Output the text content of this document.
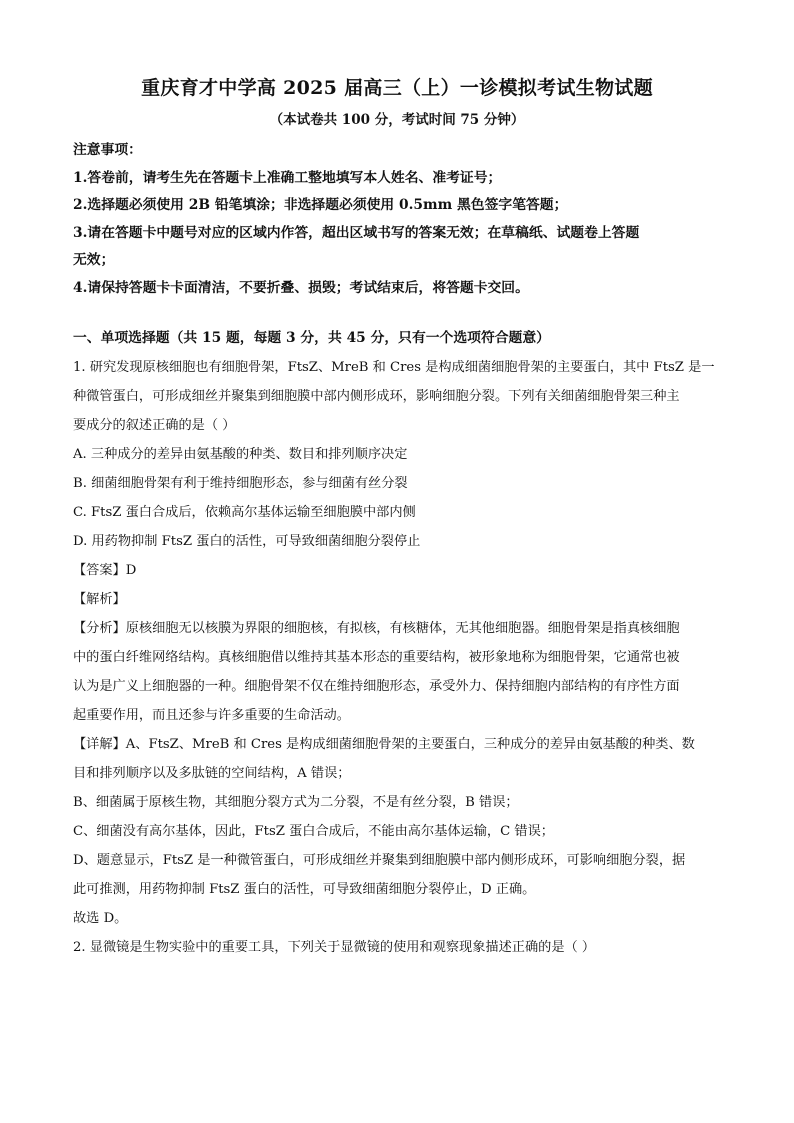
重庆育才中学高 2025 届高三（上）一诊模拟考试生物试题
（本试卷共 100 分，考试时间 75 分钟）
注意事项：
1.答卷前，请考生先在答题卡上准确工整地填写本人姓名、准考证号；
2.选择题必须使用 2B 铅笔填涂；非选择题必须使用 0.5mm 黑色签字笔答题；
3.请在答题卡中题号对应的区域内作答，超出区域书写的答案无效；在草稿纸、试题卷上答题
无效；
4.请保持答题卡卡面清洁，不要折叠、损毁；考试结束后，将答题卡交回。
一、单项选择题（共 15 题，每题 3 分，共 45 分，只有一个选项符合题意）
1. 研究发现原核细胞也有细胞骨架，FtsZ、MreB 和 Cres 是构成细菌细胞骨架的主要蛋白，其中 FtsZ 是一
种微管蛋白，可形成细丝并聚集到细胞膜中部内侧形成环，影响细胞分裂。下列有关细菌细胞骨架三种主
要成分的叙述正确的是（ ）
A. 三种成分的差异由氨基酸的种类、数目和排列顺序决定
B. 细菌细胞骨架有利于维持细胞形态，参与细菌有丝分裂
C. FtsZ 蛋白合成后，依赖高尔基体运输至细胞膜中部内侧
D. 用药物抑制 FtsZ 蛋白的活性，可导致细菌细胞分裂停止
【答案】D
【解析】
【分析】原核细胞无以核膜为界限的细胞核，有拟核，有核糖体，无其他细胞器。细胞骨架是指真核细胞
中的蛋白纤维网络结构。真核细胞借以维持其基本形态的重要结构，被形象地称为细胞骨架，它通常也被
认为是广义上细胞器的一种。细胞骨架不仅在维持细胞形态，承受外力、保持细胞内部结构的有序性方面
起重要作用，而且还参与许多重要的生命活动。
【详解】A、FtsZ、MreB 和 Cres 是构成细菌细胞骨架的主要蛋白，三种成分的差异由氨基酸的种类、数
目和排列顺序以及多肽链的空间结构，A 错误；
B、细菌属于原核生物，其细胞分裂方式为二分裂，不是有丝分裂，B 错误；
C、细菌没有高尔基体，因此，FtsZ 蛋白合成后，不能由高尔基体运输，C 错误；
D、题意显示，FtsZ 是一种微管蛋白，可形成细丝并聚集到细胞膜中部内侧形成环，可影响细胞分裂，据
此可推测，用药物抑制 FtsZ 蛋白的活性，可导致细菌细胞分裂停止，D 正确。
故选 D。
2. 显微镜是生物实验中的重要工具，下列关于显微镜的使用和观察现象描述正确的是（ ）
